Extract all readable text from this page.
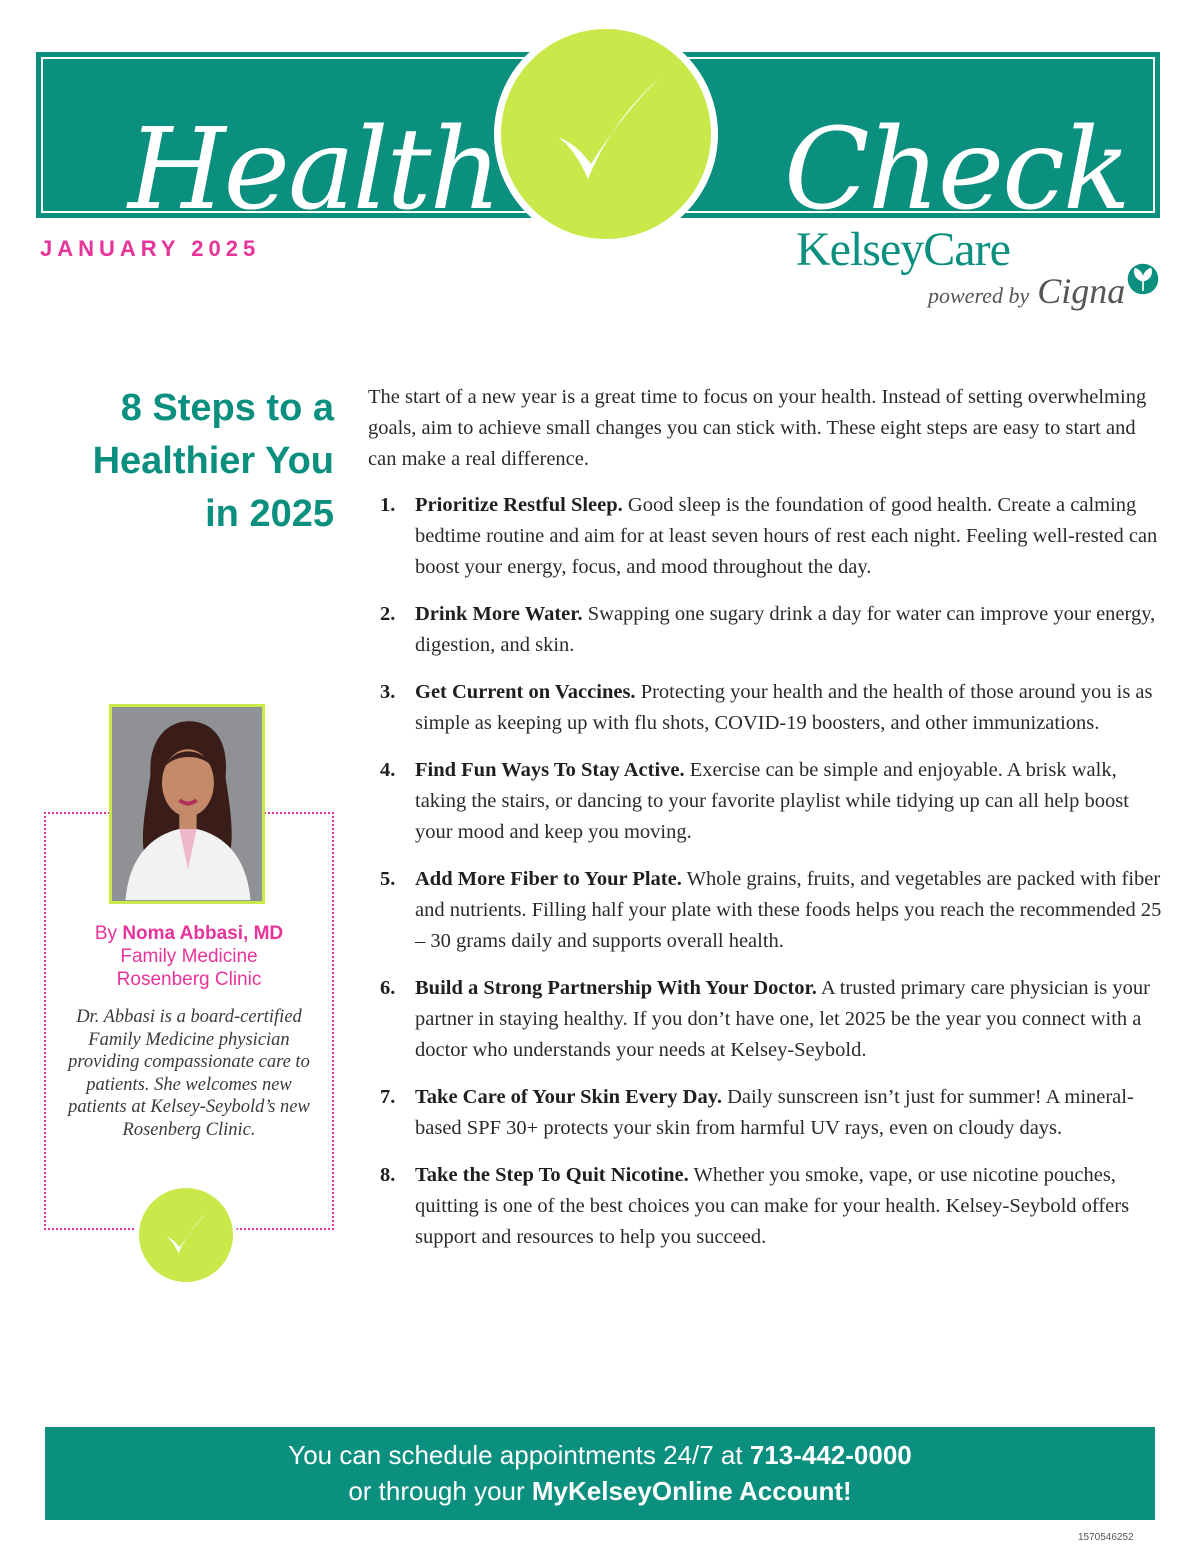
Health	Check
JANUARY 2025	KelseyCare
powered by Cigna
8 Steps to a
Healthier You
in 2025
By Noma Abbasi, MD
Family Medicine
Rosenberg Clinic

Dr. Abbasi is a board-certified Family Medicine physician providing compassionate care to patients. She welcomes new patients at Kelsey-Seybold’s new Rosenberg Clinic.

The start of a new year is a great time to focus on your health. Instead of setting overwhelming goals, aim to achieve small changes you can stick with. These eight steps are easy to start and can make a real difference.

1. Prioritize Restful Sleep. Good sleep is the foundation of good health. Create a calming bedtime routine and aim for at least seven hours of rest each night. Feeling well-rested can boost your energy, focus, and mood throughout the day.
2. Drink More Water. Swapping one sugary drink a day for water can improve your energy, digestion, and skin.
3. Get Current on Vaccines. Protecting your health and the health of those around you is as simple as keeping up with flu shots, COVID-19 boosters, and other immunizations.
4. Find Fun Ways To Stay Active. Exercise can be simple and enjoyable. A brisk walk, taking the stairs, or dancing to your favorite playlist while tidying up can all help boost your mood and keep you moving.
5. Add More Fiber to Your Plate. Whole grains, fruits, and vegetables are packed with fiber and nutrients. Filling half your plate with these foods helps you reach the recommended 25 – 30 grams daily and supports overall health.
6. Build a Strong Partnership With Your Doctor. A trusted primary care physician is your partner in staying healthy. If you don’t have one, let 2025 be the year you connect with a doctor who understands your needs at Kelsey-Seybold.
7. Take Care of Your Skin Every Day. Daily sunscreen isn’t just for summer! A mineral-based SPF 30+ protects your skin from harmful UV rays, even on cloudy days.
8. Take the Step To Quit Nicotine. Whether you smoke, vape, or use nicotine pouches, quitting is one of the best choices you can make for your health. Kelsey-Seybold offers support and resources to help you succeed.
You can schedule appointments 24/7 at 713-442-0000
or through your MyKelseyOnline Account!
1570546252
